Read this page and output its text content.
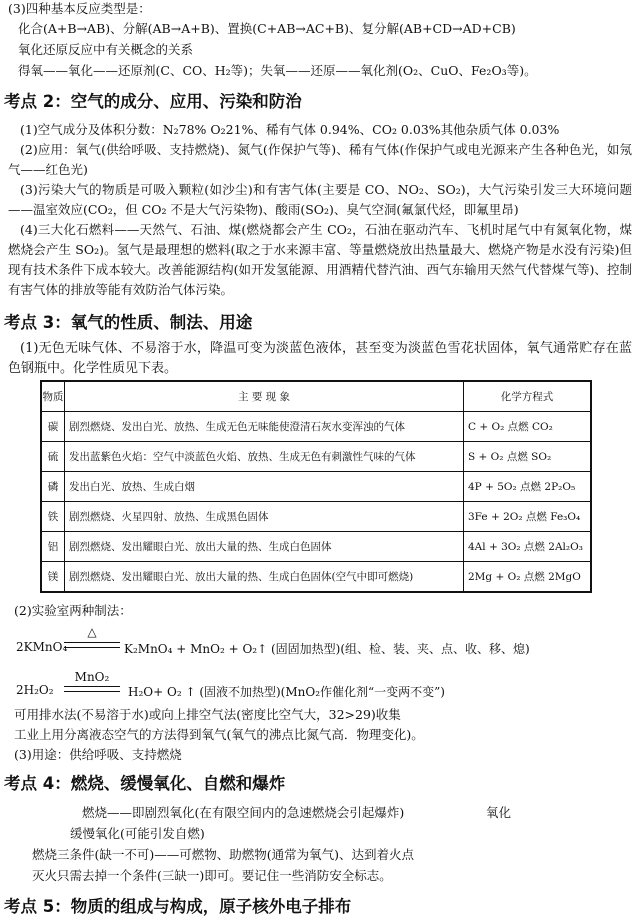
(3)四种基本反应类型是：
化合(A+B→AB)、分解(AB→A+B)、置换(C+AB→AC+B)、复分解(AB+CD→AD+CB)
氧化还原反应中有关概念的关系
得氧——氧化——还原剂(C、CO、H₂等)；失氧——还原——氧化剂(O₂、CuO、Fe₂O₃等)。
考点 2：空气的成分、应用、污染和防治
(1)空气成分及体积分数：N₂78% O₂21%、稀有气体 0.94%、CO₂ 0.03%其他杂质气体 0.03%
(2)应用：氧气(供给呼吸、支持燃烧)、氮气(作保护气等)、稀有气体(作保护气或电光源来产生各种色光，如氖气——红色光)
(3)污染大气的物质是可吸入颗粒(如沙尘)和有害气体(主要是 CO、NO₂、SO₂)，大气污染引发三大环境问题——温室效应(CO₂，但 CO₂ 不是大气污染物)、酸雨(SO₂)、臭气空洞(氟氯代烃，即氟里昂)
(4)三大化石燃料——天然气、石油、煤(燃烧都会产生 CO₂，石油在驱动汽车、飞机时尾气中有氮氧化物，煤燃烧会产生 SO₂)。氢气是最理想的燃料(取之于水来源丰富、等量燃烧放出热量最大、燃烧产物是水没有污染)但现有技术条件下成本较大。改善能源结构(如开发氢能源、用酒精代替汽油、西气东输用天然气代替煤气等)、控制有害气体的排放等能有效防治气体污染。
考点 3：氧气的性质、制法、用途
(1)无色无味气体、不易溶于水，降温可变为淡蓝色液体，甚至变为淡蓝色雪花状固体，氧气通常贮存在蓝色钢瓶中。化学性质见下表。
物质	主 要 现 象	化学方程式
碳	剧烈燃烧、发出白光、放热、生成无色无味能使澄清石灰水变浑浊的气体	C + O₂ 点燃 CO₂
硫	发出蓝紫色火焰：空气中淡蓝色火焰、放热、生成无色有刺激性气味的气体	S + O₂ 点燃 SO₂
磷	发出白光、放热、生成白烟	4P + 5O₂ 点燃 2P₂O₅
铁	剧烈燃烧、火星四射、放热、生成黑色固体	3Fe + 2O₂ 点燃 Fe₃O₄
铝	剧烈燃烧、发出耀眼白光、放出大量的热、生成白色固体	4Al + 3O₂ 点燃 2Al₂O₃
镁	剧烈燃烧、发出耀眼白光、放出大量的热、生成白色固体(空气中即可燃烧)	2Mg + O₂ 点燃 2MgO
(2)实验室两种制法：
2KMnO₄
△
K₂MnO₄ + MnO₂ + O₂↑ (固固加热型)(组、检、装、夹、点、收、移、熄)
2H₂O₂
MnO₂
H₂O+ O₂ ↑ (固液不加热型)(MnO₂作催化剂“一变两不变”)
可用排水法(不易溶于水)或向上排空气法(密度比空气大，32>29)收集
工业上用分离液态空气的方法得到氧气(氧气的沸点比氮气高．物理变化)。
(3)用途：供给呼吸、支持燃烧
考点 4：燃烧、缓慢氧化、自燃和爆炸
燃烧——即剧烈氧化(在有限空间内的急速燃烧会引起爆炸)	氧化
缓慢氧化(可能引发自燃)
燃烧三条件(缺一不可)——可燃物、助燃物(通常为氧气)、达到着火点
灭火只需去掉一个条件(三缺一)即可。要记住一些消防安全标志。
考点 5：物质的组成与构成，原子核外电子排布
